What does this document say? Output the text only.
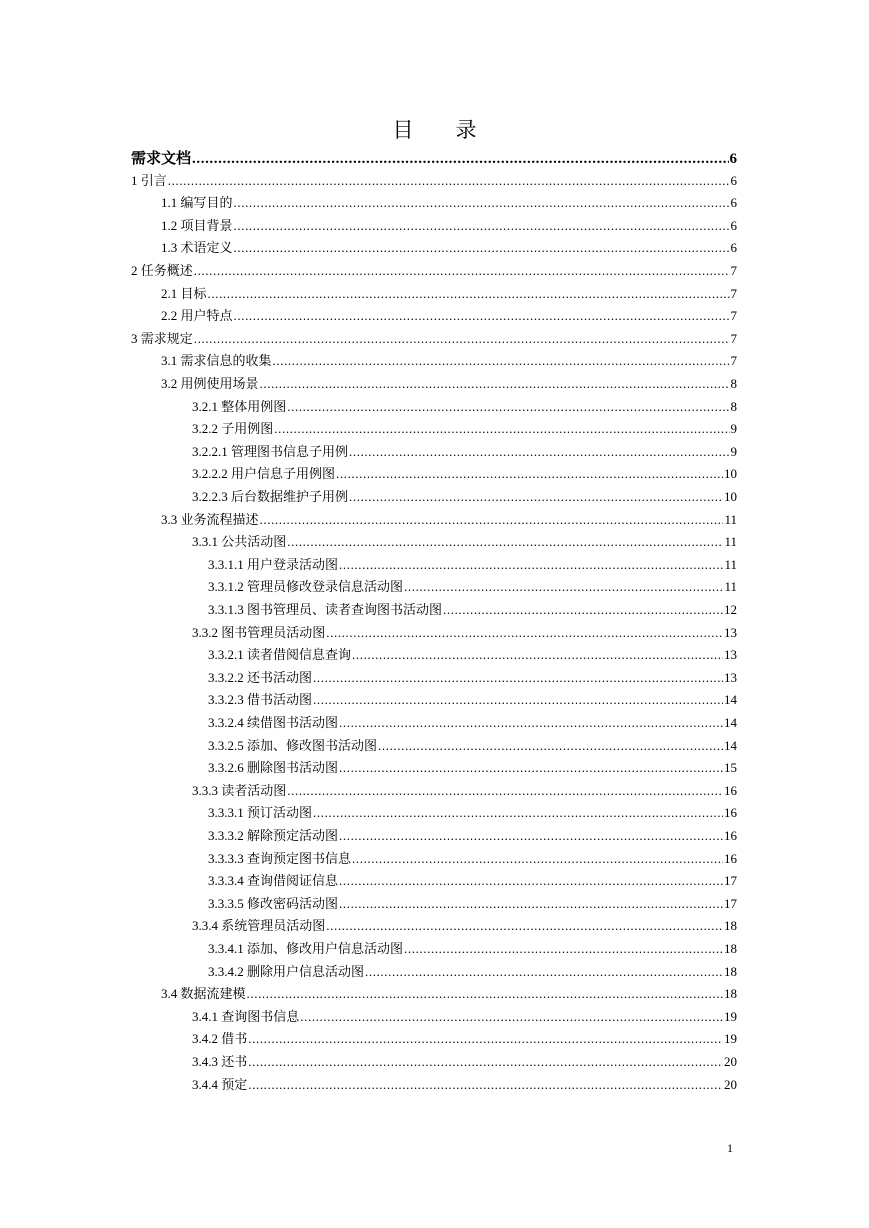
目　　录
需求文档 .....	6
1 引言 .....	6
1.1 编写目的 .....	6
1.2 项目背景 .....	6
1.3 术语定义 .....	6
2 任务概述 .....	7
2.1 目标 .....	7
2.2 用户特点 .....	7
3 需求规定 .....	7
3.1 需求信息的收集 .....	7
3.2 用例使用场景 .....	8
3.2.1 整体用例图 .....	8
3.2.2 子用例图 .....	9
3.2.2.1 管理图书信息子用例 .....	9
3.2.2.2 用户信息子用例图 .....	10
3.2.2.3 后台数据维护子用例 .....	10
3.3 业务流程描述 .....	11
3.3.1 公共活动图 .....	11
3.3.1.1 用户登录活动图 .....	11
3.3.1.2 管理员修改登录信息活动图 .....	11
3.3.1.3 图书管理员、读者查询图书活动图 .....	12
3.3.2 图书管理员活动图 .....	13
3.3.2.1 读者借阅信息查询 .....	13
3.3.2.2 还书活动图 .....	13
3.3.2.3 借书活动图 .....	14
3.3.2.4 续借图书活动图 .....	14
3.3.2.5 添加、修改图书活动图 .....	14
3.3.2.6 删除图书活动图 .....	15
3.3.3 读者活动图 .....	16
3.3.3.1 预订活动图 .....	16
3.3.3.2 解除预定活动图 .....	16
3.3.3.3 查询预定图书信息 .....	16
3.3.3.4 查询借阅证信息 .....	17
3.3.3.5 修改密码活动图 .....	17
3.3.4 系统管理员活动图 .....	18
3.3.4.1 添加、修改用户信息活动图 .....	18
3.3.4.2 删除用户信息活动图 .....	18
3.4 数据流建模 .....	18
3.4.1 查询图书信息 .....	19
3.4.2 借书 .....	19
3.4.3 还书 .....	20
3.4.4 预定 .....	20
1
